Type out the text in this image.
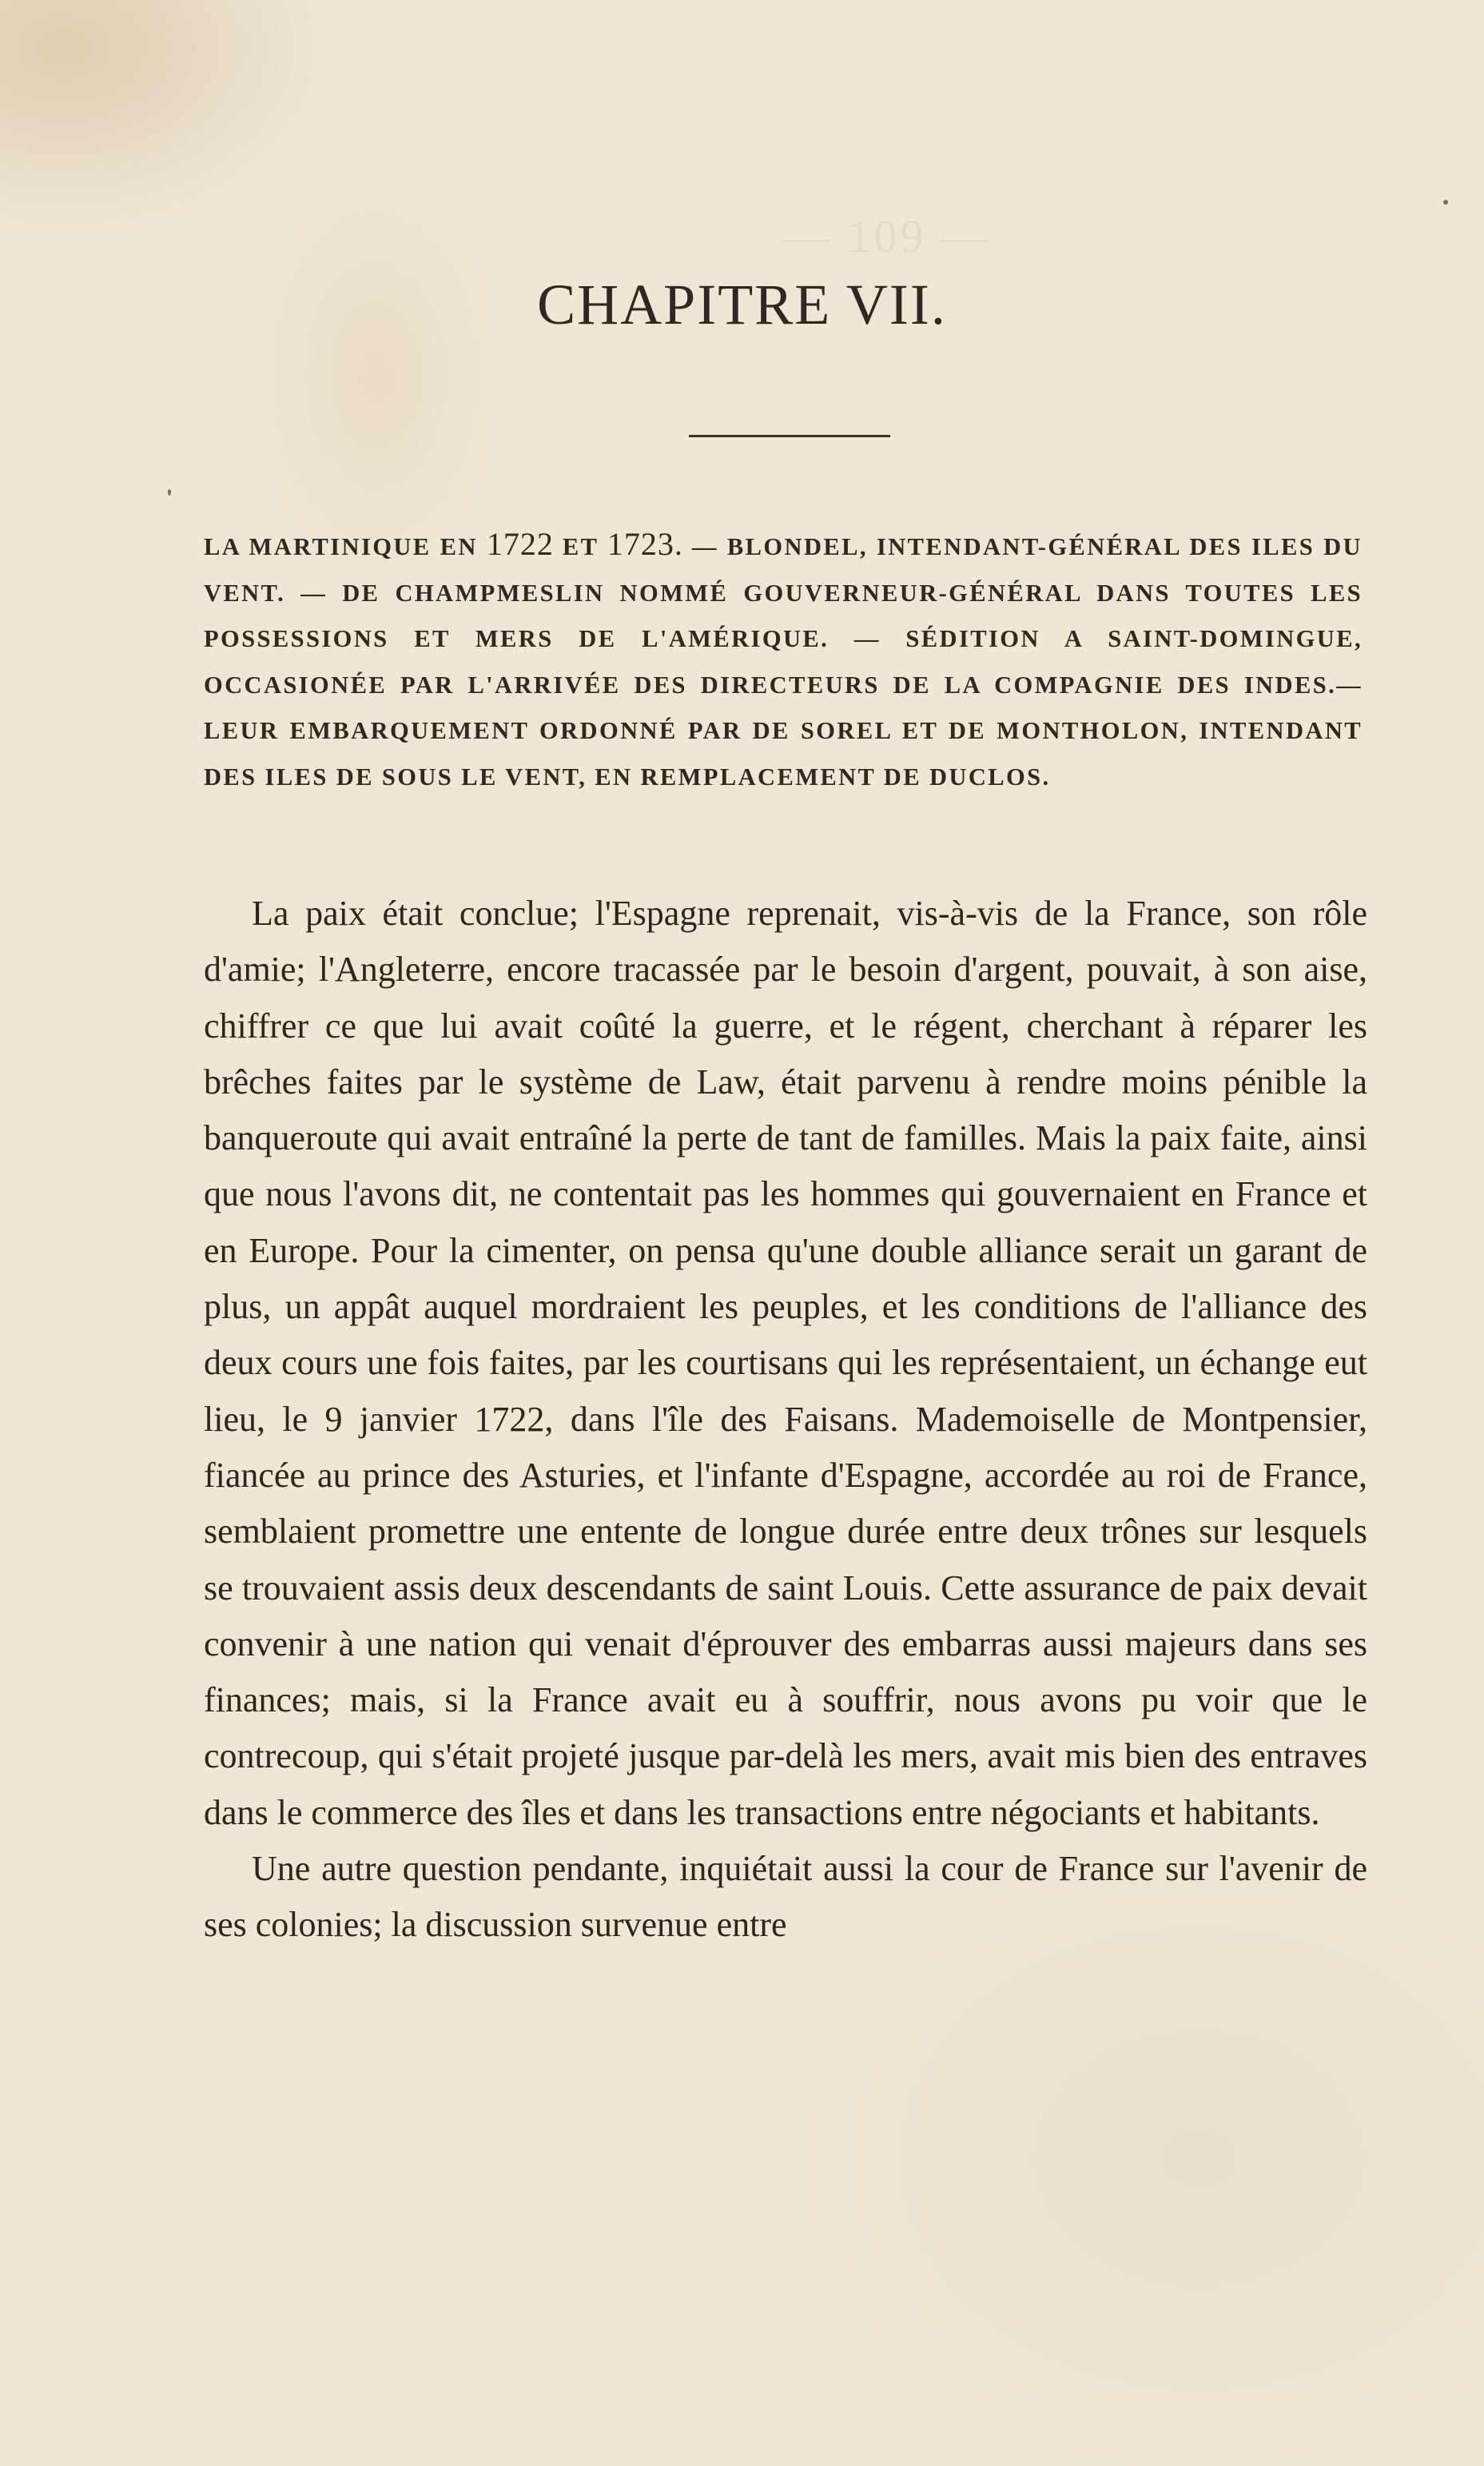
— 109 —
CHAPITRE VII.
LA MARTINIQUE EN 1722 ET 1723. — BLONDEL, INTENDANT-GÉNÉRAL DES ILES DU VENT. — DE CHAMPMESLIN NOMMÉ GOUVERNEUR-GÉNÉRAL DANS TOUTES LES POSSESSIONS ET MERS DE L'AMÉRIQUE. — SÉDITION A SAINT-DOMINGUE, OCCASIONÉE PAR L'ARRIVÉE DES DIRECTEURS DE LA COMPAGNIE DES INDES.—LEUR EMBARQUEMENT ORDONNÉ PAR DE SOREL ET DE MONTHOLON, INTENDANT DES ILES DE SOUS LE VENT, EN REMPLACEMENT DE DUCLOS.

La paix était conclue; l'Espagne reprenait, vis-à-vis de la France, son rôle d'amie; l'Angleterre, encore tracassée par le besoin d'argent, pouvait, à son aise, chiffrer ce que lui avait coûté la guerre, et le régent, cherchant à réparer les brêches faites par le système de Law, était parvenu à rendre moins pénible la banqueroute qui avait entraîné la perte de tant de familles. Mais la paix faite, ainsi que nous l'avons dit, ne contentait pas les hommes qui gouvernaient en France et en Europe. Pour la cimenter, on pensa qu'une double alliance serait un garant de plus, un appât auquel mordraient les peuples, et les conditions de l'alliance des deux cours une fois faites, par les courtisans qui les représentaient, un échange eut lieu, le 9 janvier 1722, dans l'île des Faisans. Mademoiselle de Montpensier, fiancée au prince des Asturies, et l'infante d'Espagne, accordée au roi de France, semblaient promettre une entente de longue durée entre deux trônes sur lesquels se trouvaient assis deux descendants de saint Louis. Cette assurance de paix devait convenir à une nation qui venait d'éprouver des embarras aussi majeurs dans ses finances; mais, si la France avait eu à souffrir, nous avons pu voir que le contrecoup, qui s'était projeté jusque par-delà les mers, avait mis bien des entraves dans le commerce des îles et dans les transactions entre négociants et habitants.

Une autre question pendante, inquiétait aussi la cour de France sur l'avenir de ses colonies; la discussion survenue entre
